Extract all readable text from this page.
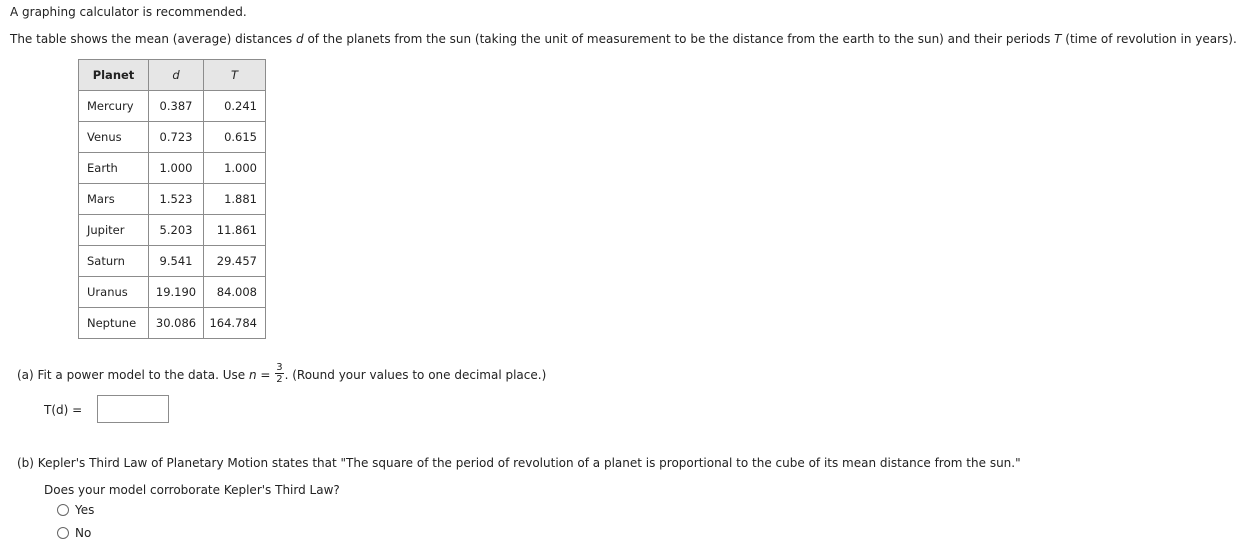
A graphing calculator is recommended.
The table shows the mean (average) distances d of the planets from the sun (taking the unit of measurement to be the distance from the earth to the sun) and their periods T (time of revolution in years).
Planet	d	T
Mercury	0.387	0.241
Venus	0.723	0.615
Earth	1.000	1.000
Mars	1.523	1.881
Jupiter	5.203	11.861
Saturn	9.541	29.457
Uranus	19.190	84.008
Neptune	30.086	164.784
(a) Fit a power model to the data. Use $n = \frac{3}{2}$ . (Round your values to one decimal place.)
T(d) =
(b) Kepler's Third Law of Planetary Motion states that "The square of the period of revolution of a planet is proportional to the cube of its mean distance from the sun."
Does your model corroborate Kepler's Third Law?
Yes
No
